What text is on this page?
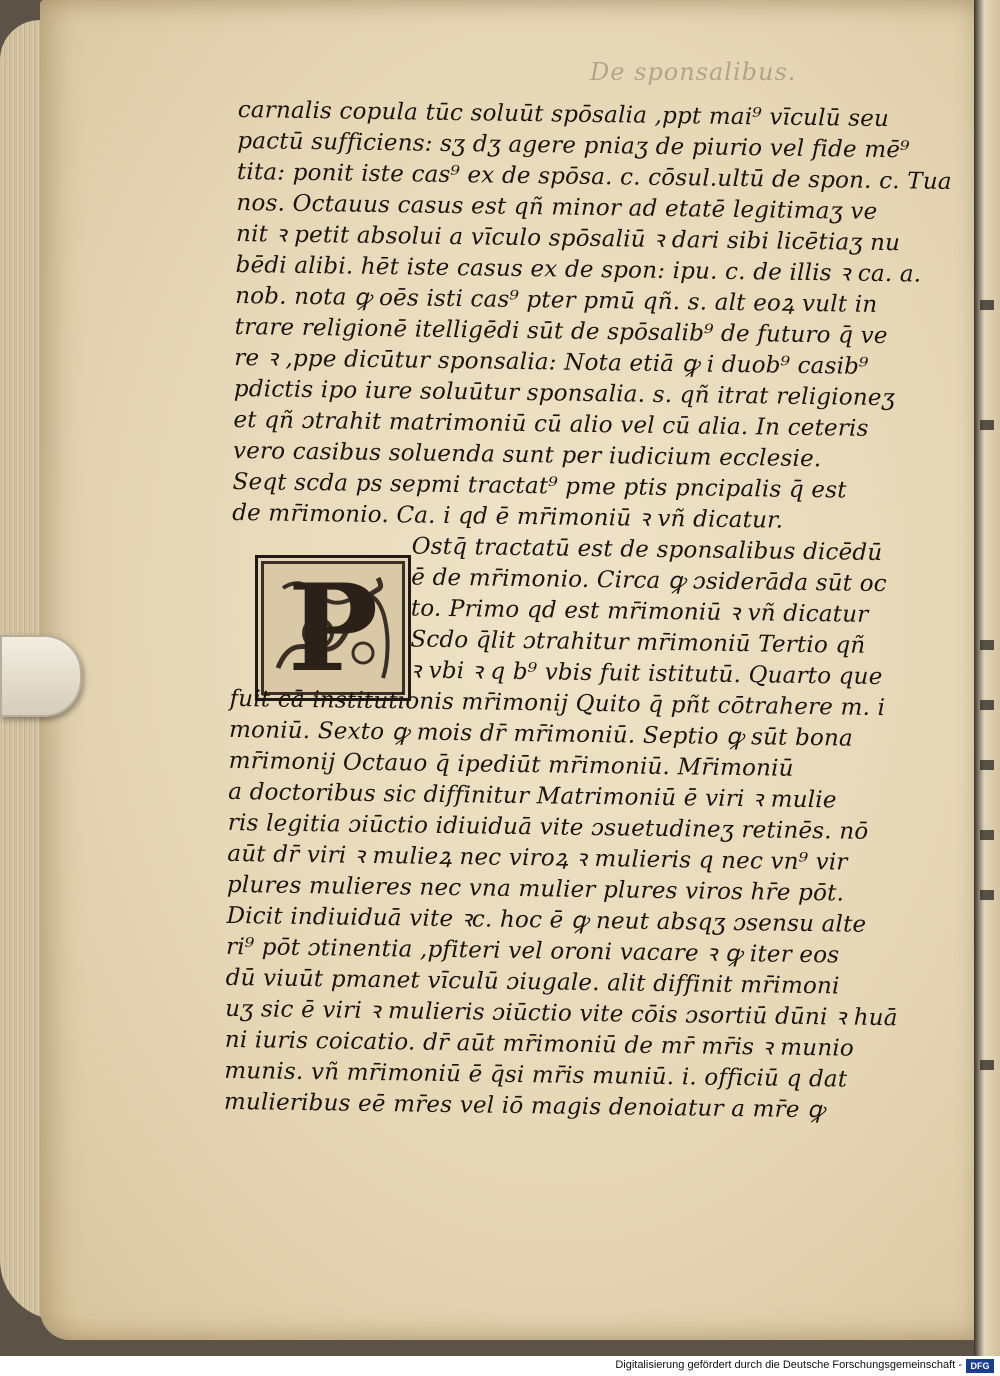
De sponsalibus.
P
carnalis copula tūc soluūt spōsalia ,ppt mai⁹ vīculū seu
pactū sufficiens: sʒ dʒ agere pniaʒ de piurio vel fide mē⁹
tita: ponit iste cas⁹ ex de spōsa. c. cōsul.ultū de spon. c. Tua
nos. Octauus casus est qñ minor ad etatē legitimaʒ ve
nit ꝛ petit absolui a vīculo spōsaliū ꝛ dari sibi licētiaʒ nu
bēdi alibi. hēt iste casus ex de spon: ipu. c. de illis ꝛ ca. a.
nob. nota ꝙ oēs isti cas⁹ pter pmū qñ. s. alt eoꝝ vult in
trare religionē itelligēdi sūt de spōsalib⁹ de futuro q̄ ve
re ꝛ ,ppe dicūtur sponsalia: Nota etiā ꝙ i duob⁹ casib⁹
pdictis ipo iure soluūtur sponsalia. s. qñ itrat religioneʒ
et qñ ɔtrahit matrimoniū cū alio vel cū alia. In ceteris
vero casibus soluenda sunt per iudicium ecclesie.
Seqt scda ps sepmi tractat⁹ pme ptis pncipalis q̄ est
de mr̄imonio. Ca. i qd ē mr̄imoniū ꝛ vñ dicatur.
Ostq̄ tractatū est de sponsalibus dicēdū
ē de mr̄imonio. Circa ꝙ ɔsiderāda sūt oc
to. Primo qd est mr̄imoniū ꝛ vñ dicatur
Scdo q̄lit ɔtrahitur mr̄imoniū Tertio qñ
ꝛ vbi ꝛ q b⁹ vbis fuit istitutū. Quarto que
fuit cā institutionis mr̄imonij Quito q̄ pñt cōtrahere m. i
moniū. Sexto ꝙ mois dr̄ mr̄imoniū. Septio ꝙ sūt bona
mr̄imonij Octauo q̄ ipediūt mr̄imoniū. Mr̄imoniū
a doctoribus sic diffinitur Matrimoniū ē viri ꝛ mulie
ris legitia ɔiūctio idiuiduā vite ɔsuetudineʒ retinēs. nō
aūt dr̄ viri ꝛ mulieꝝ nec viroꝝ ꝛ mulieris q nec vn⁹ vir
plures mulieres nec vna mulier plures viros hr̄e pōt.
Dicit indiuiduā vite ꝛc. hoc ē ꝙ neut absqʒ ɔsensu alte
ri⁹ pōt ɔtinentia ,pfiteri vel oroni vacare ꝛ ꝙ iter eos
dū viuūt pmanet vīculū ɔiugale. alit diffinit mr̄imoni
uʒ sic ē viri ꝛ mulieris ɔiūctio vite cōis ɔsortiū dūni ꝛ huā
ni iuris coicatio. dr̄ aūt mr̄imoniū de mr̄ mr̄is ꝛ munio
munis. vñ mr̄imoniū ē q̄si mr̄is muniū. i. officiū q dat
mulieribus eē mr̄es vel iō magis denoiatur a mr̄e ꝙ
Digitalisierung gefördert durch die Deutsche Forschungsgemeinschaft - DFG
